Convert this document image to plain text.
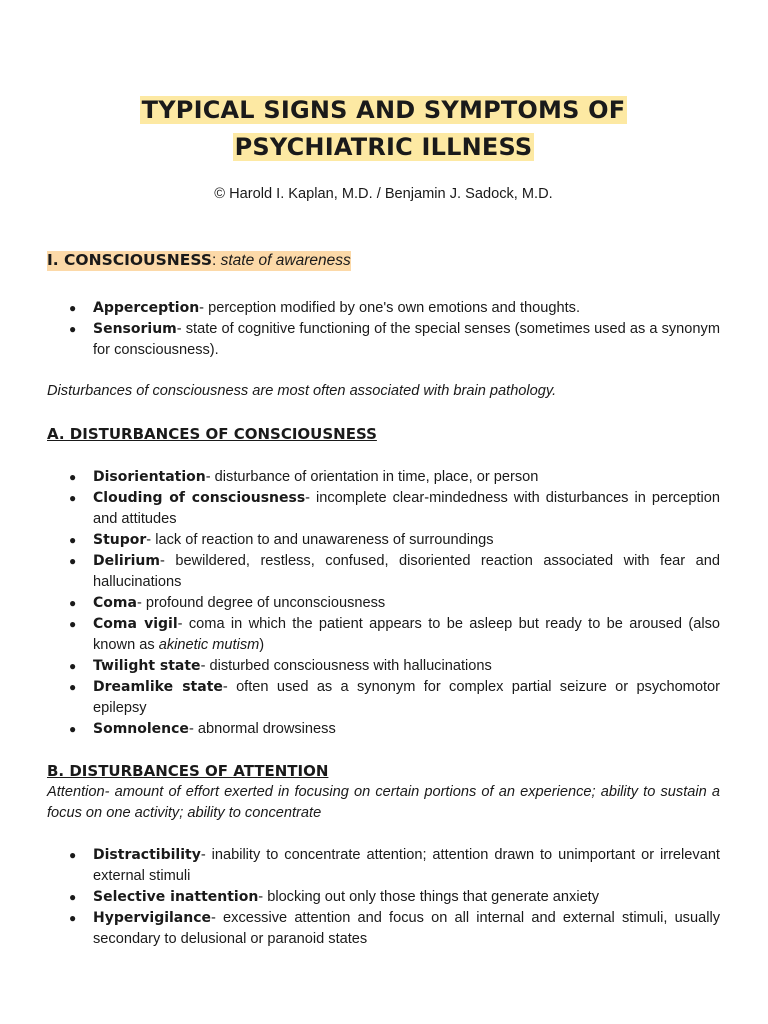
TYPICAL SIGNS AND SYMPTOMS OF
PSYCHIATRIC ILLNESS
© Harold I. Kaplan, M.D. / Benjamin J. Sadock, M.D.
I. CONSCIOUSNESS: state of awareness
● Apperception- perception modified by one's own emotions and thoughts.
● Sensorium- state of cognitive functioning of the special senses (sometimes used as a synonym for consciousness).
Disturbances of consciousness are most often associated with brain pathology.
A. DISTURBANCES OF CONSCIOUSNESS
● Disorientation- disturbance of orientation in time, place, or person
● Clouding of consciousness- incomplete clear-mindedness with disturbances in perception and attitudes
● Stupor- lack of reaction to and unawareness of surroundings
● Delirium- bewildered, restless, confused, disoriented reaction associated with fear and hallucinations
● Coma- profound degree of unconsciousness
● Coma vigil- coma in which the patient appears to be asleep but ready to be aroused (also known as akinetic mutism)
● Twilight state- disturbed consciousness with hallucinations
● Dreamlike state- often used as a synonym for complex partial seizure or psychomotor epilepsy
● Somnolence- abnormal drowsiness
B. DISTURBANCES OF ATTENTION
Attention- amount of effort exerted in focusing on certain portions of an experience; ability to sustain a focus on one activity; ability to concentrate
● Distractibility- inability to concentrate attention; attention drawn to unimportant or irrelevant external stimuli
● Selective inattention- blocking out only those things that generate anxiety
● Hypervigilance- excessive attention and focus on all internal and external stimuli, usually secondary to delusional or paranoid states
